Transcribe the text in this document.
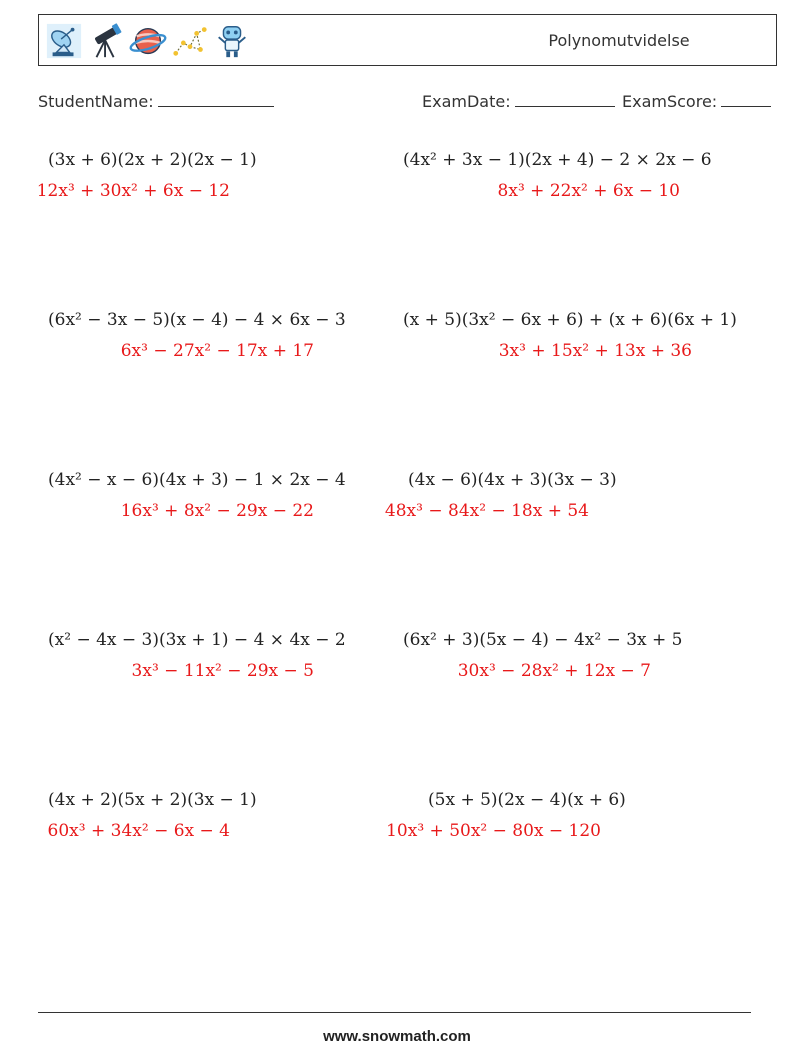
Polynomutvidelse
StudentName:	ExamDate:	ExamScore:
(3x + 6)(2x + 2)(2x − 1)
12x³ + 30x² + 6x − 12
(4x² + 3x − 1)(2x + 4) − 2 × 2x − 6
8x³ + 22x² + 6x − 10
(6x² − 3x − 5)(x − 4) − 4 × 6x − 3
6x³ − 27x² − 17x + 17
(x + 5)(3x² − 6x + 6) + (x + 6)(6x + 1)
3x³ + 15x² + 13x + 36
(4x² − x − 6)(4x + 3) − 1 × 2x − 4
16x³ + 8x² − 29x − 22
(4x − 6)(4x + 3)(3x − 3)
48x³ − 84x² − 18x + 54
(x² − 4x − 3)(3x + 1) − 4 × 4x − 2
3x³ − 11x² − 29x − 5
(6x² + 3)(5x − 4) − 4x² − 3x + 5
30x³ − 28x² + 12x − 7
(4x + 2)(5x + 2)(3x − 1)
60x³ + 34x² − 6x − 4
(5x + 5)(2x − 4)(x + 6)
10x³ + 50x² − 80x − 120
www.snowmath.com
